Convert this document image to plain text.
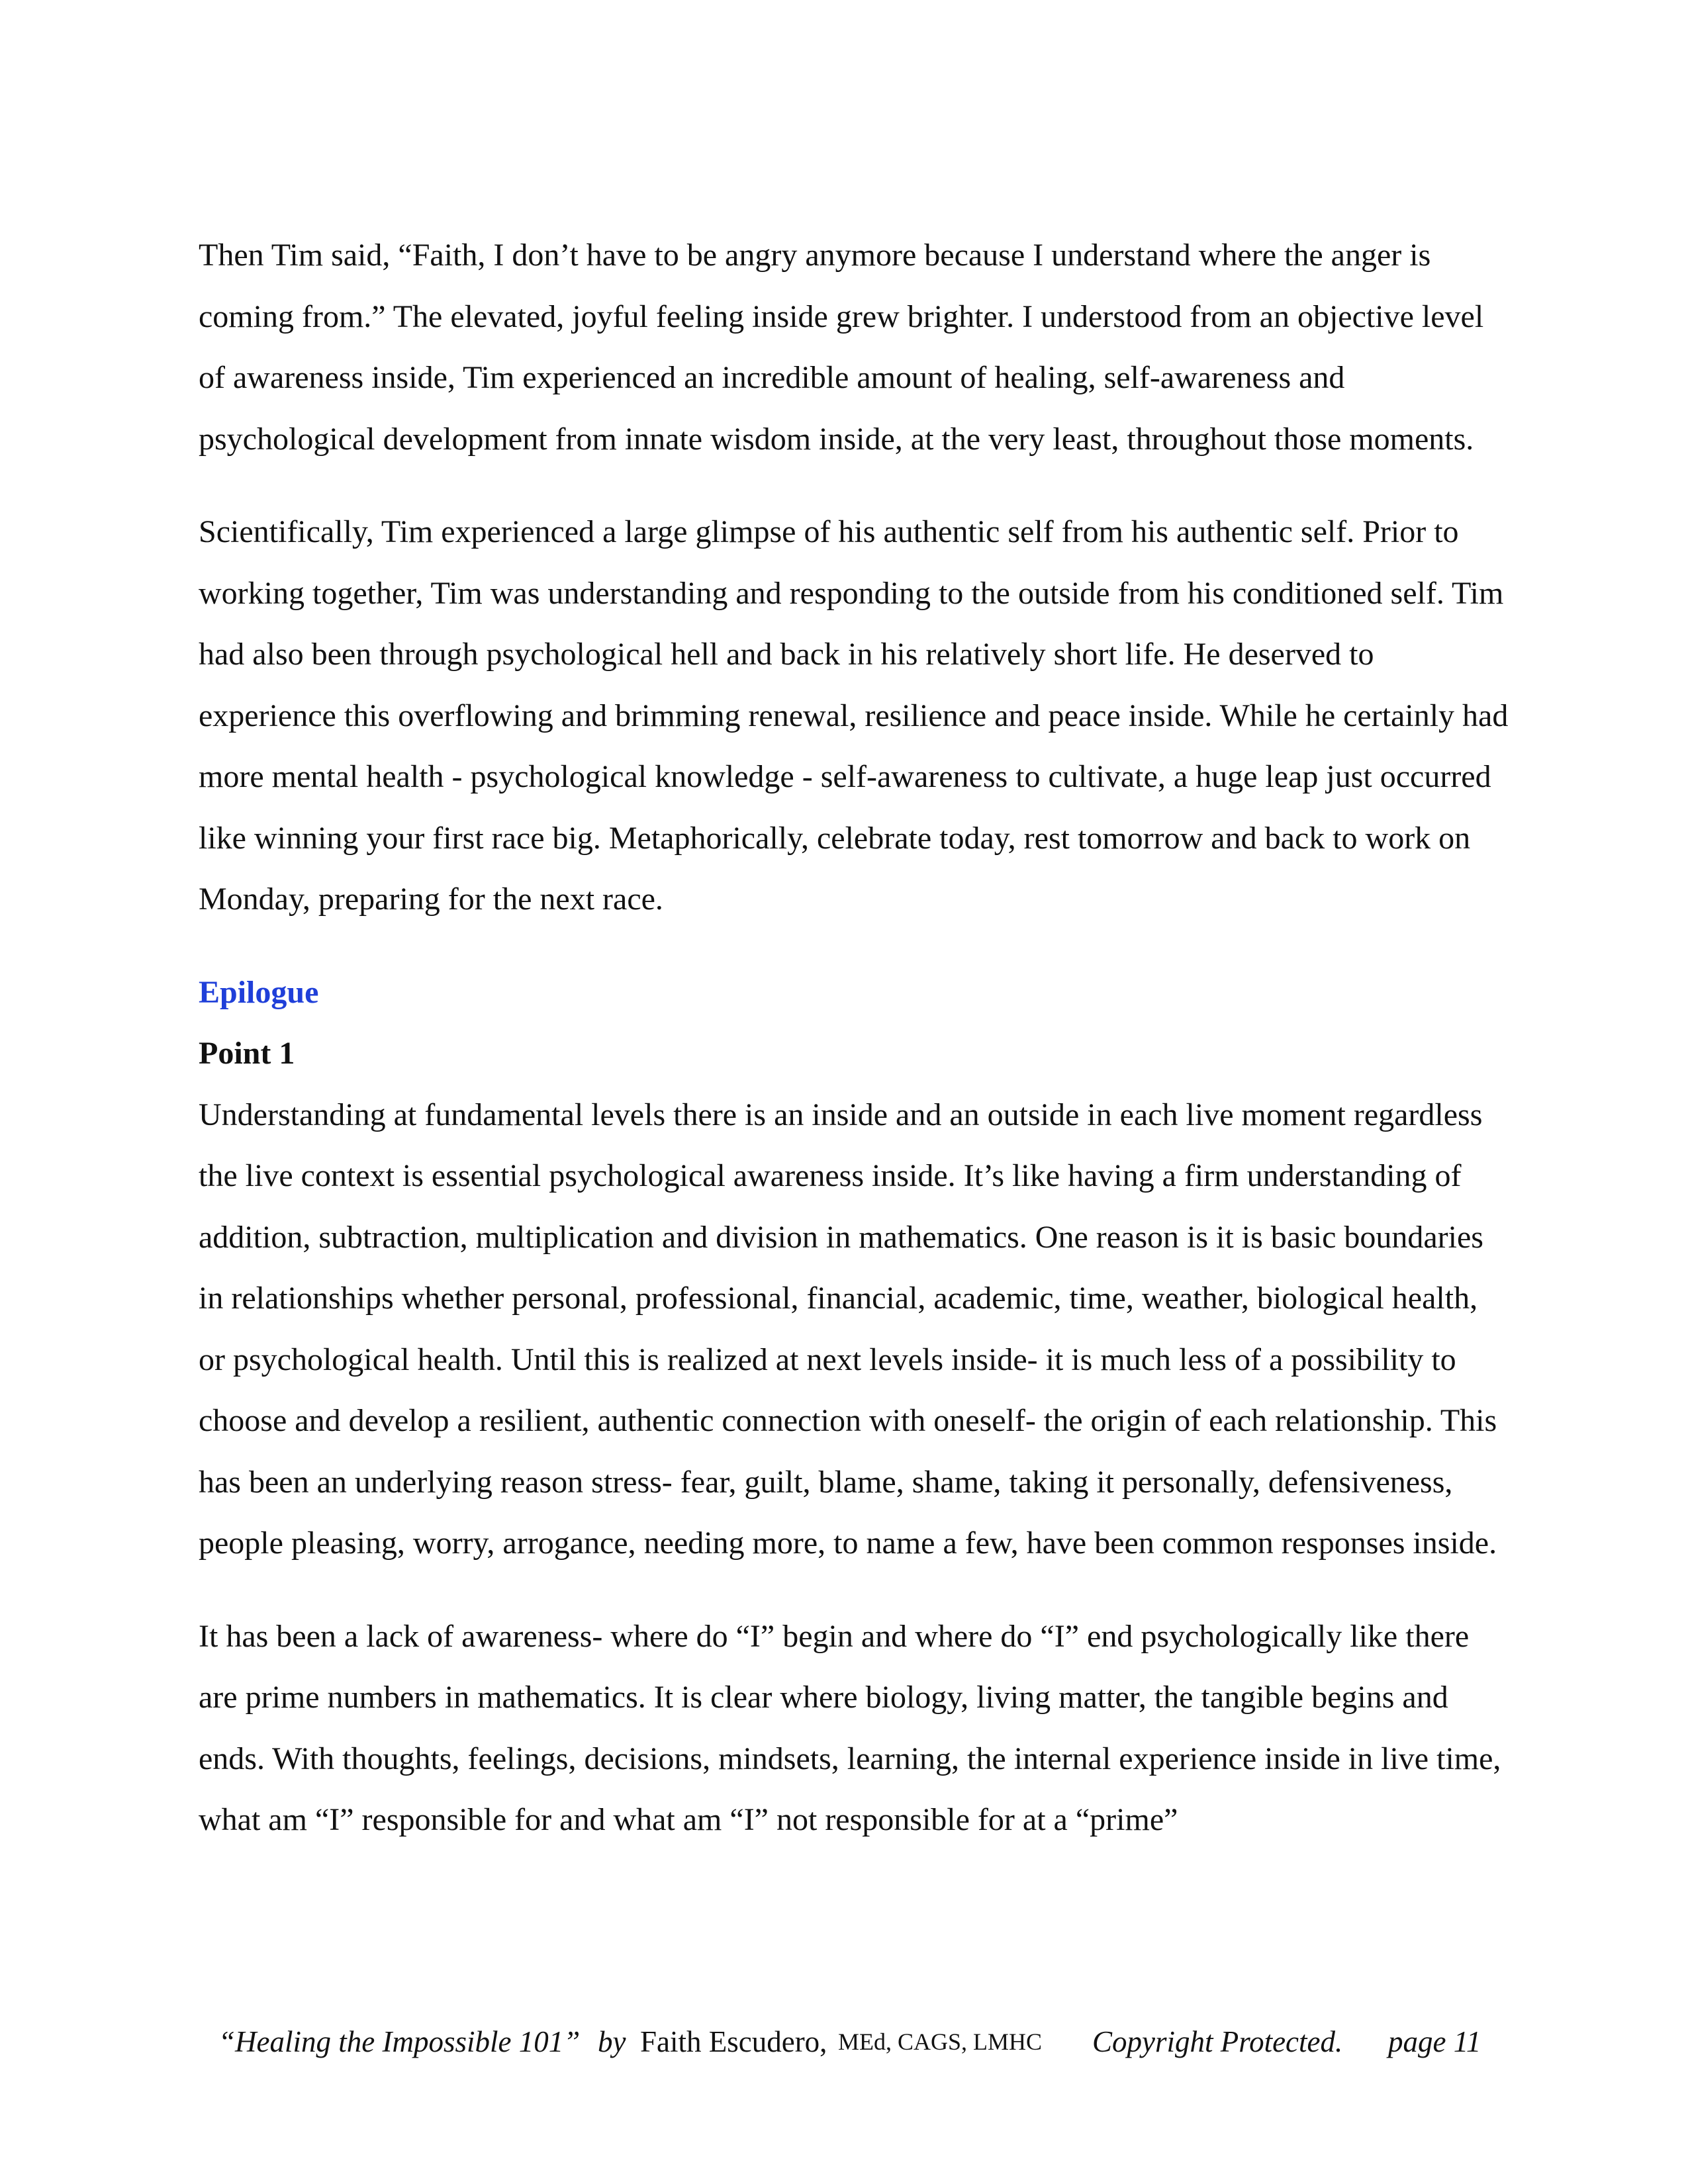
Then Tim said, “Faith, I don’t have to be angry anymore because I understand where the anger is coming from.” The elevated, joyful feeling inside grew brighter. I understood from an objective level of awareness inside, Tim experienced an incredible amount of healing, self-awareness and psychological development from innate wisdom inside, at the very least, throughout those moments.

Scientifically, Tim experienced a large glimpse of his authentic self from his authentic self. Prior to working together, Tim was understanding and responding to the outside from his conditioned self. Tim had also been through psychological hell and back in his relatively short life. He deserved to experience this overflowing and brimming renewal, resilience and peace inside. While he certainly had more mental health - psychological knowledge - self-awareness to cultivate, a huge leap just occurred like winning your first race big. Metaphorically, celebrate today, rest tomorrow and back to work on Monday, preparing for the next race.

Epilogue
Point 1

Understanding at fundamental levels there is an inside and an outside in each live moment regardless the live context is essential psychological awareness inside. It’s like having a firm understanding of addition, subtraction, multiplication and division in mathematics. One reason is it is basic boundaries in relationships whether personal, professional, financial, academic, time, weather, biological health, or psychological health. Until this is realized at next levels inside- it is much less of a possibility to choose and develop a resilient, authentic connection with oneself- the origin of each relationship. This has been an underlying reason stress- fear, guilt, blame, shame, taking it personally, defensiveness, people pleasing, worry, arrogance, needing more, to name a few, have been common responses inside.

It has been a lack of awareness- where do “I” begin and where do “I” end psychologically like there are prime numbers in mathematics. It is clear where biology, living matter, the tangible begins and ends. With thoughts, feelings, decisions, mindsets, learning, the internal experience inside in live time, what am “I” responsible for and what am “I” not responsible for at a “prime”

“Healing the Impossible 101” by Faith Escudero, MEd, CAGS, LMHC Copyright Protected. page 11
